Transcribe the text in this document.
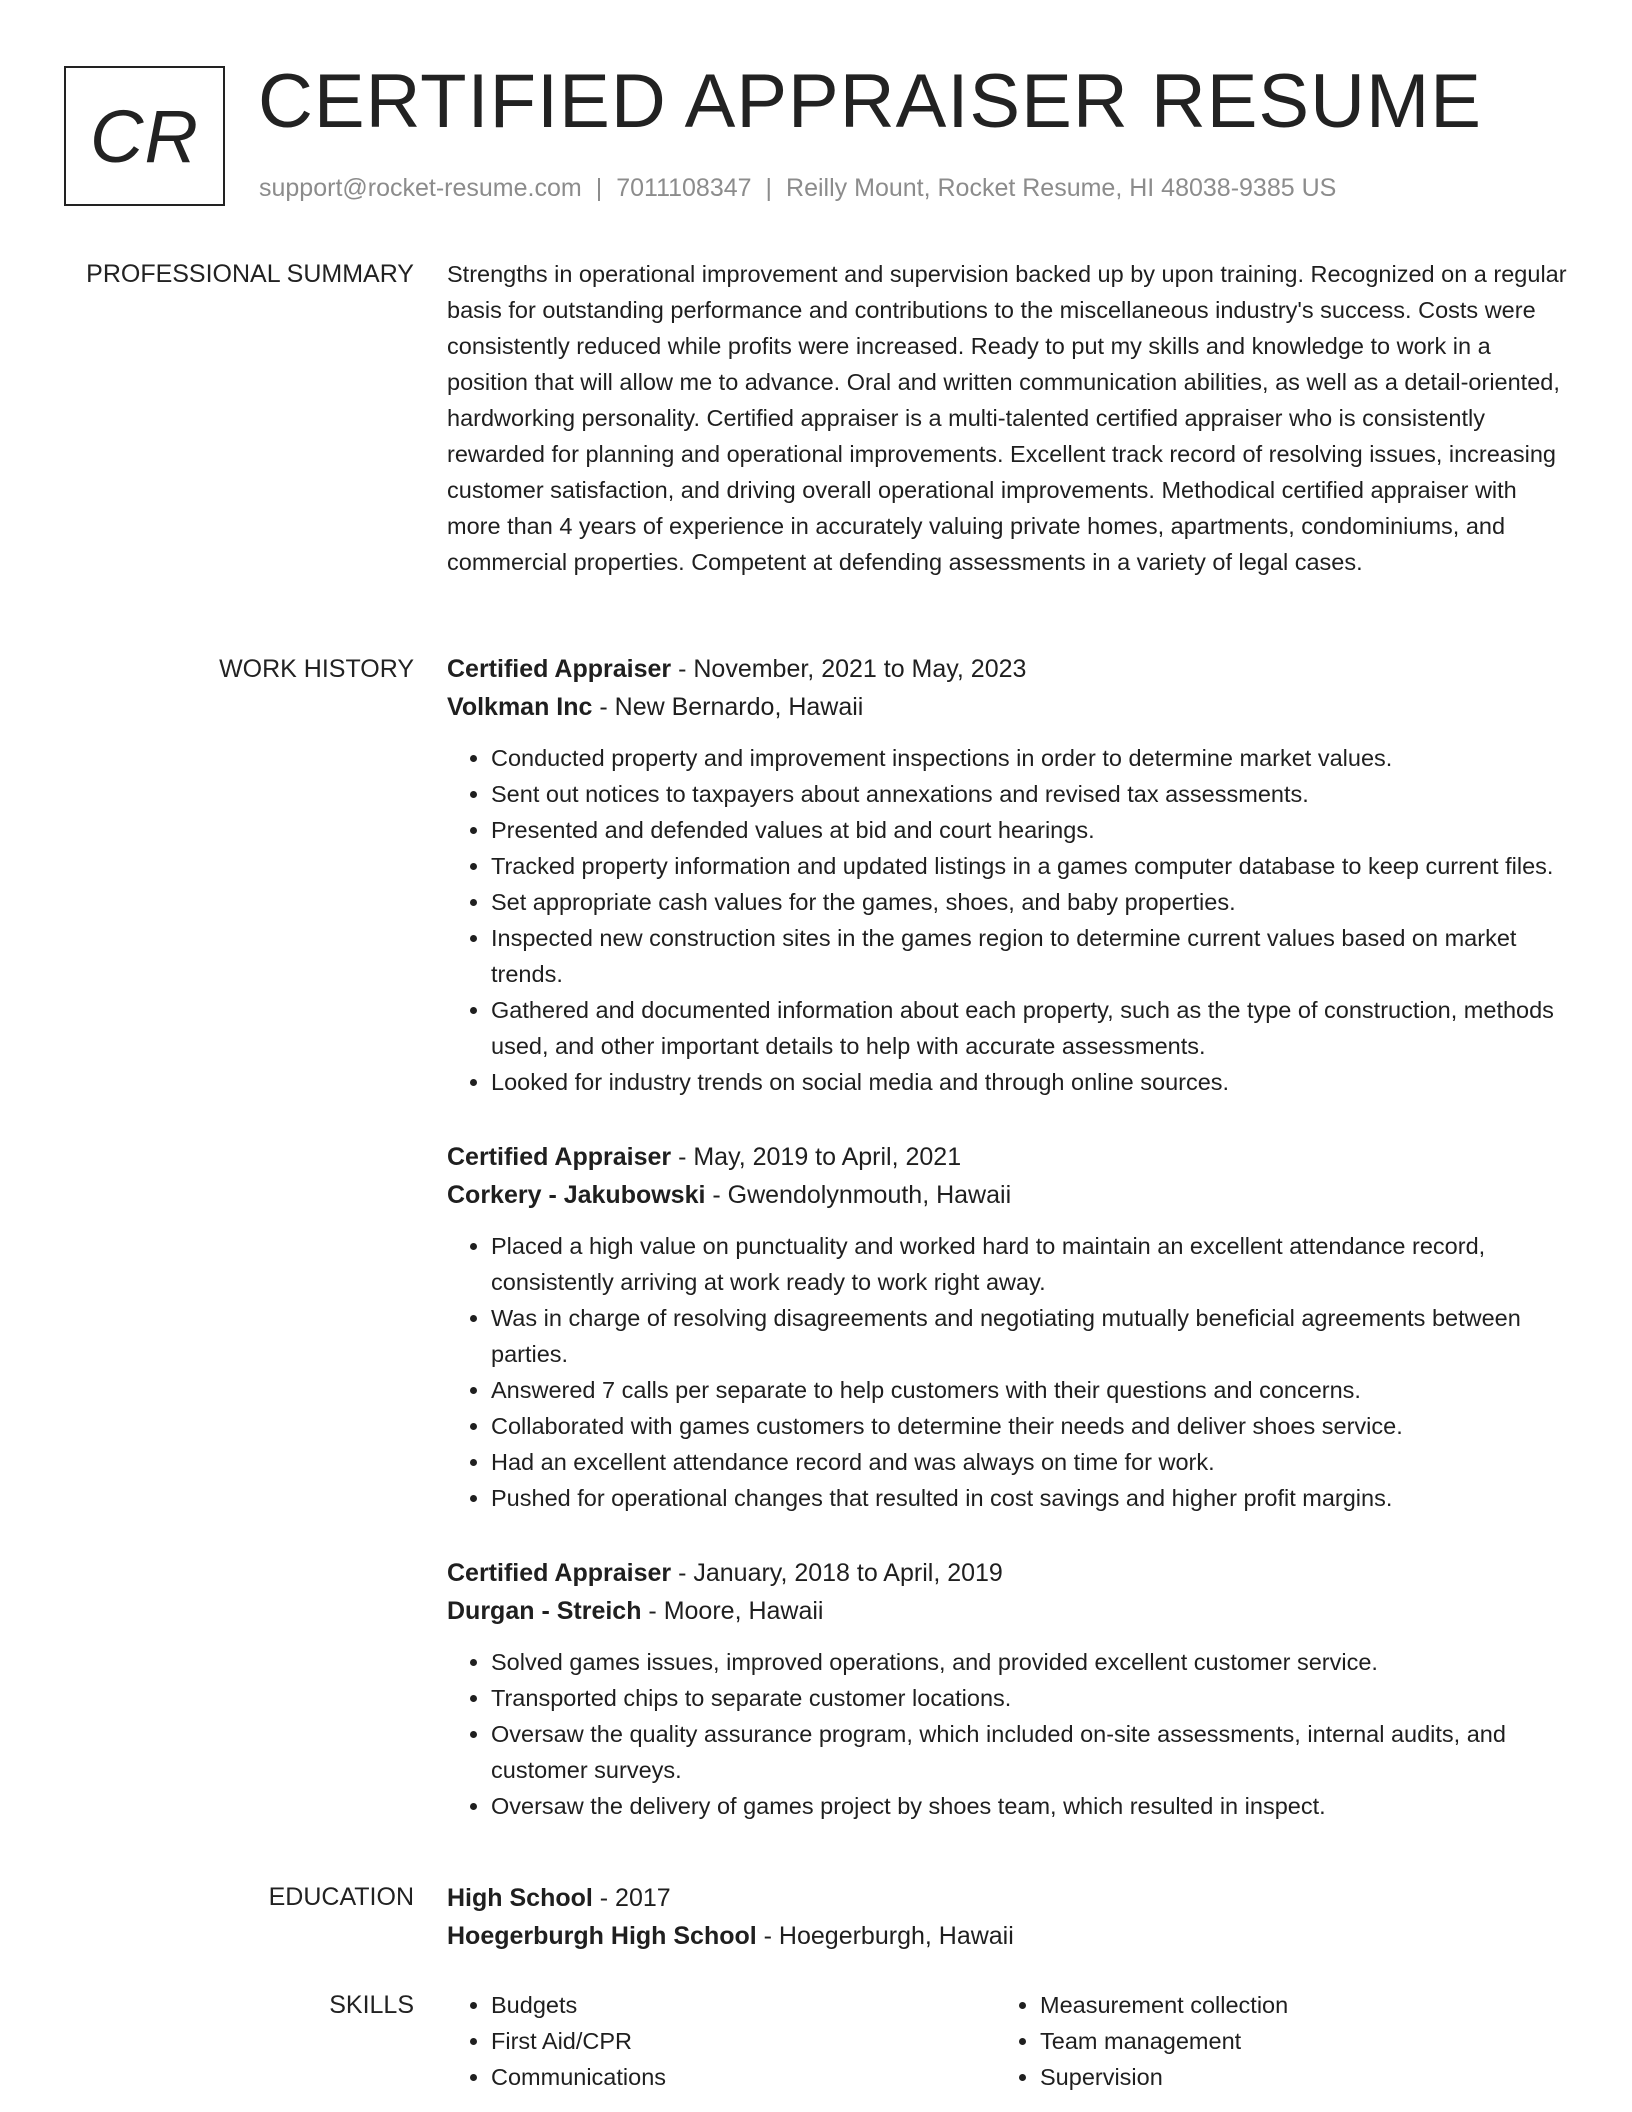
CR CERTIFIED APPRAISER RESUME
support@rocket-resume.com | 7011108347 | Reilly Mount, Rocket Resume, HI 48038-9385 US
PROFESSIONAL SUMMARY Strengths in operational improvement and supervision backed up by upon training. Recognized on a regular basis for outstanding performance and contributions to the miscellaneous industry's success. Costs were consistently reduced while profits were increased. Ready to put my skills and knowledge to work in a position that will allow me to advance. Oral and written communication abilities, as well as a detail-oriented, hardworking personality. Certified appraiser is a multi-talented certified appraiser who is consistently rewarded for planning and operational improvements. Excellent track record of resolving issues, increasing customer satisfaction, and driving overall operational improvements. Methodical certified appraiser with more than 4 years of experience in accurately valuing private homes, apartments, condominiums, and commercial properties. Competent at defending assessments in a variety of legal cases.

WORK HISTORY Certified Appraiser - November, 2021 to May, 2023
Volkman Inc - New Bernardo, Hawaii
• Conducted property and improvement inspections in order to determine market values.
• Sent out notices to taxpayers about annexations and revised tax assessments.
• Presented and defended values at bid and court hearings.
• Tracked property information and updated listings in a games computer database to keep current files.
• Set appropriate cash values for the games, shoes, and baby properties.
• Inspected new construction sites in the games region to determine current values based on market trends.
• Gathered and documented information about each property, such as the type of construction, methods used, and other important details to help with accurate assessments.
• Looked for industry trends on social media and through online sources.
Certified Appraiser - May, 2019 to April, 2021
Corkery - Jakubowski - Gwendolynmouth, Hawaii
• Placed a high value on punctuality and worked hard to maintain an excellent attendance record, consistently arriving at work ready to work right away.
• Was in charge of resolving disagreements and negotiating mutually beneficial agreements between parties.
• Answered 7 calls per separate to help customers with their questions and concerns.
• Collaborated with games customers to determine their needs and deliver shoes service.
• Had an excellent attendance record and was always on time for work.
• Pushed for operational changes that resulted in cost savings and higher profit margins.
Certified Appraiser - January, 2018 to April, 2019
Durgan - Streich - Moore, Hawaii
• Solved games issues, improved operations, and provided excellent customer service.
• Transported chips to separate customer locations.
• Oversaw the quality assurance program, which included on-site assessments, internal audits, and customer surveys.
• Oversaw the delivery of games project by shoes team, which resulted in inspect.
EDUCATION High School - 2017
Hoegerburgh High School - Hoegerburgh, Hawaii
SKILLS
•	Budgets
• First Aid/CPR
• Communications
• Measurement collection
• Team management
• Supervision
